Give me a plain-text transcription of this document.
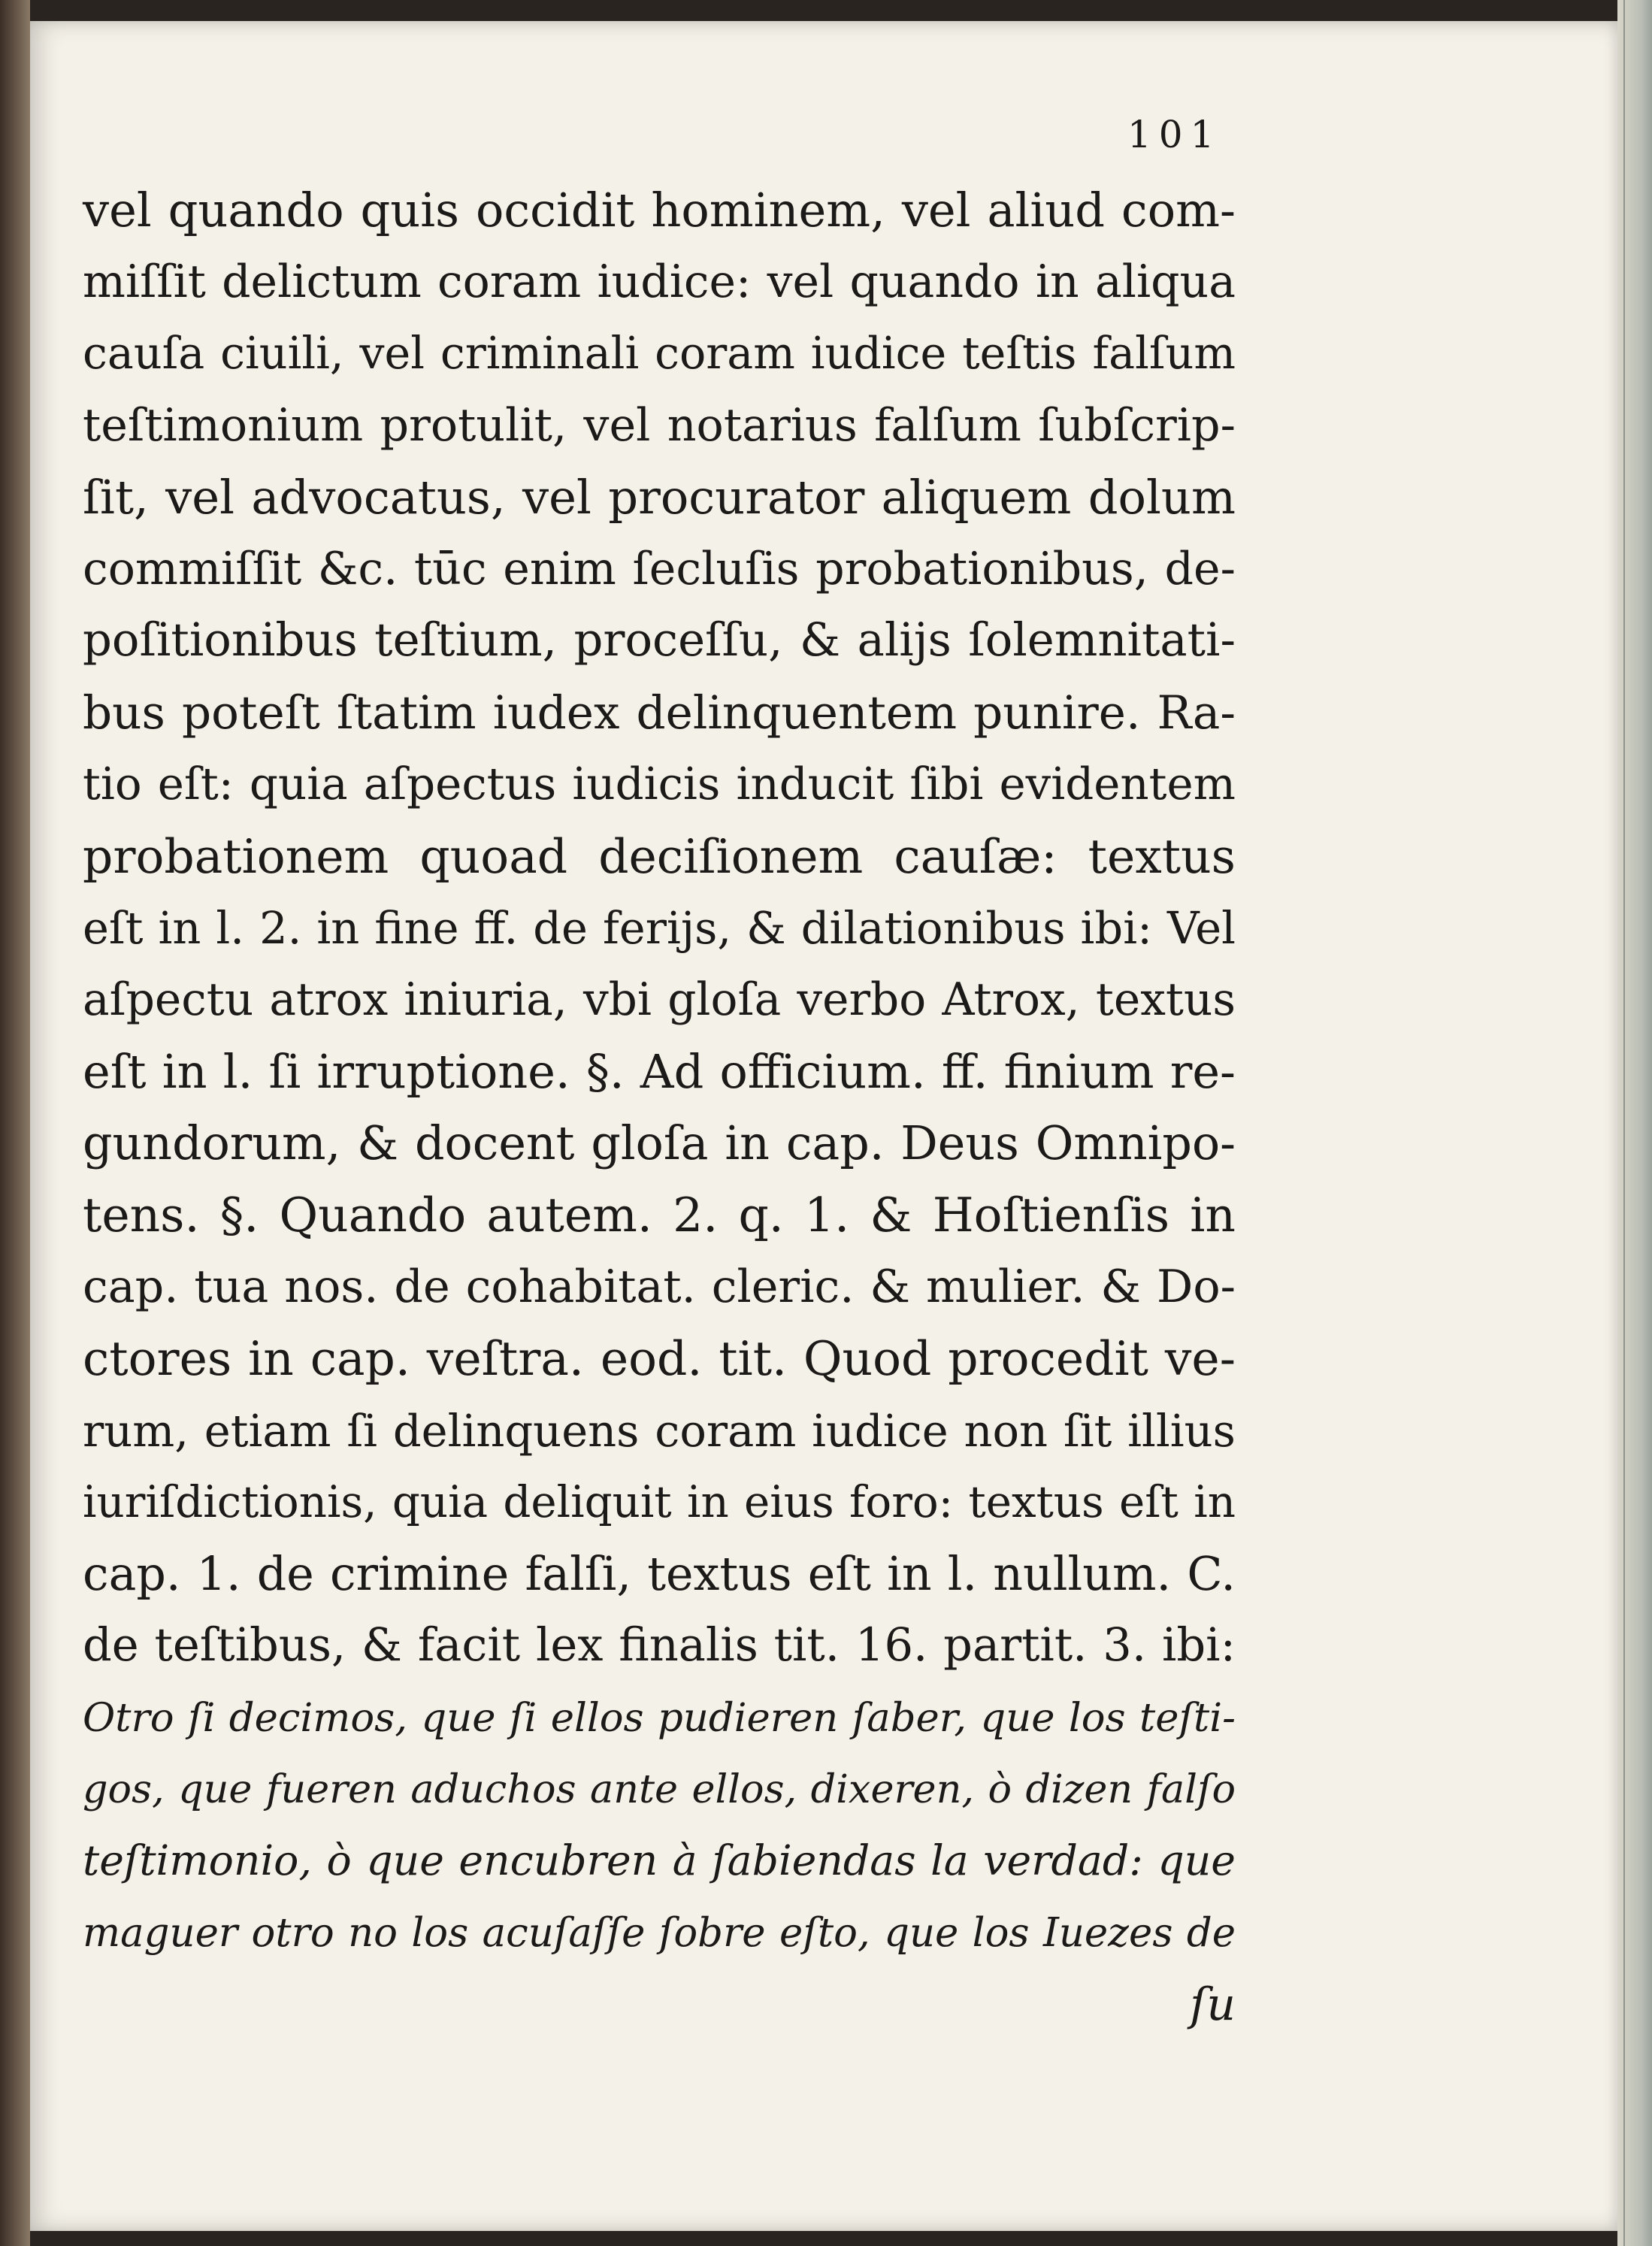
101
vel quando quis occidit hominem, vel aliud com-
miſſit delictum coram iudice: vel quando in aliqua
cauſa ciuili, vel criminali coram iudice teſtis falſum
teſtimonium protulit, vel notarius falſum ſubſcrip-
ſit, vel advocatus, vel procurator aliquem dolum
commiſſit &c. tūc enim ſecluſis probationibus, de-
poſitionibus teſtium, proceſſu, & alijs ſolemnitati-
bus poteſt ſtatim iudex delinquentem punire. Ra-
tio eſt: quia aſpectus iudicis inducit ſibi evidentem
probationem quoad deciſionem cauſæ: textus
eſt in l. 2. in fine ff. de ferijs, & dilationibus ibi: Vel
aſpectu atrox iniuria, vbi gloſa verbo Atrox, textus
eſt in l. ſi irruptione. §. Ad officium. ff. finium re-
gundorum, & docent gloſa in cap. Deus Omnipo-
tens. §. Quando autem. 2. q. 1. & Hoſtienſis in
cap. tua nos. de cohabitat. cleric. & mulier. & Do-
ctores in cap. veſtra. eod. tit. Quod procedit ve-
rum, etiam ſi delinquens coram iudice non ſit illius
iuriſdictionis, quia deliquit in eius foro: textus eſt in
cap. 1. de crimine falſi, textus eſt in l. nullum. C.
de teſtibus, & facit lex finalis tit. 16. partit. 3. ibi:
Otro ſi decimos, que ſi ellos pudieren ſaber, que los teſti-
gos, que fueren aduchos ante ellos, dixeren, ò dizen falſo
teſtimonio, ò que encubren à ſabiendas la verdad: que
maguer otro no los acuſaſſe ſobre eſto, que los Iuezes de
ſu
